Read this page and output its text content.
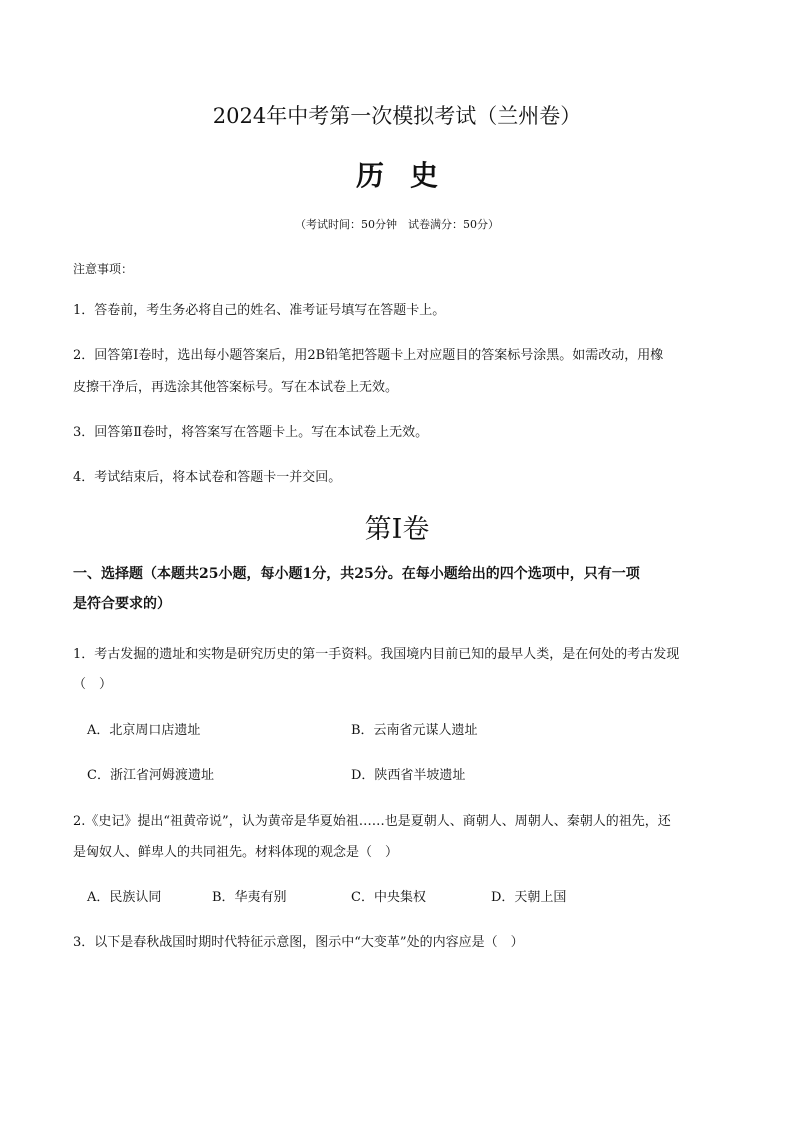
2024年中考第一次模拟考试（兰州卷）
历史
（考试时间：50分钟　试卷满分：50分）
注意事项：
1．答卷前，考生务必将自己的姓名、准考证号填写在答题卡上。
2．回答第Ⅰ卷时，选出每小题答案后，用2B铅笔把答题卡上对应题目的答案标号涂黑。如需改动，用橡
皮擦干净后，再选涂其他答案标号。写在本试卷上无效。
3．回答第Ⅱ卷时，将答案写在答题卡上。写在本试卷上无效。
4．考试结束后，将本试卷和答题卡一并交回。
第Ⅰ卷
一、选择题（本题共25小题，每小题1分，共25分。在每小题给出的四个选项中，只有一项
是符合要求的）
1．考古发掘的遗址和实物是研究历史的第一手资料。我国境内目前已知的最早人类，是在何处的考古发现
（　）
A．北京周口店遗址	B．云南省元谋人遗址
C．浙江省河姆渡遗址	D．陕西省半坡遗址
2.《史记》提出“祖黄帝说”，认为黄帝是华夏始祖……也是夏朝人、商朝人、周朝人、秦朝人的祖先，还
是匈奴人、鲜卑人的共同祖先。材料体现的观念是（　）
A．民族认同	B．华夷有别	C．中央集权	D．天朝上国
3．以下是春秋战国时期时代特征示意图，图示中“大变革”处的内容应是（　）
